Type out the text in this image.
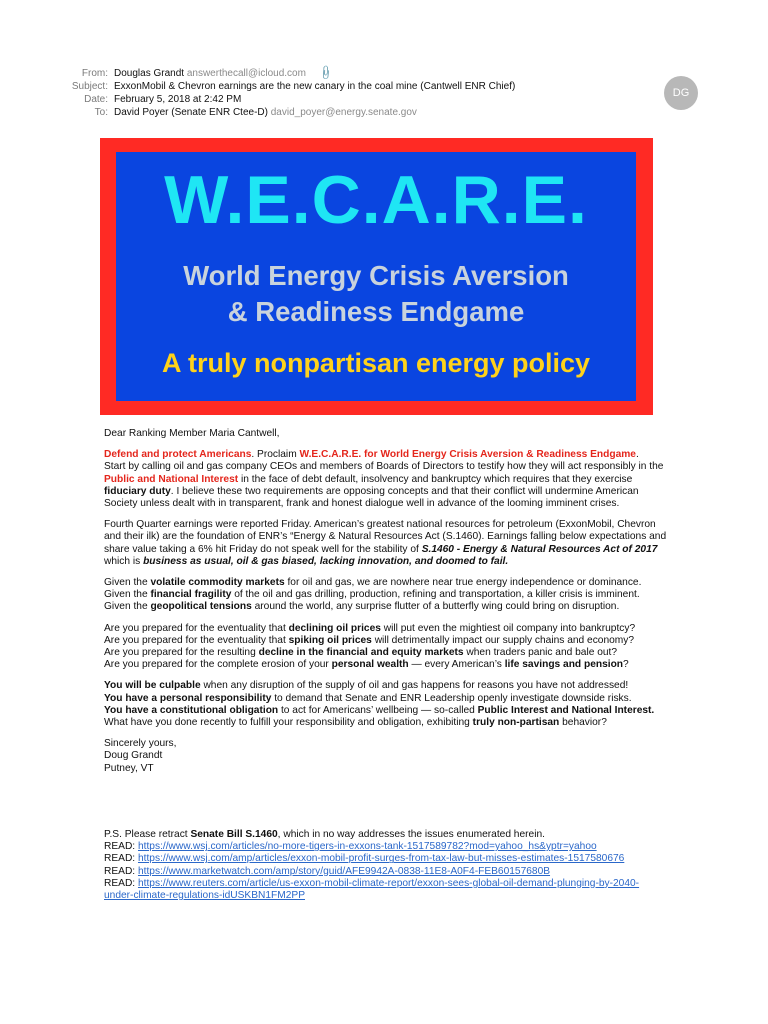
From: Douglas Grandt answerthecall@icloud.com 📎
Subject: ExxonMobil & Chevron earnings are the new canary in the coal mine (Cantwell ENR Chief)
Date: February 5, 2018 at 2:42 PM
To: David Poyer (Senate ENR Ctee-D) david_poyer@energy.senate.gov
DG
W.E.C.A.R.E.
World Energy Crisis Aversion
& Readiness Endgame
A truly nonpartisan energy policy

Dear Ranking Member Maria Cantwell,

Defend and protect Americans. Proclaim W.E.C.A.R.E. for World Energy Crisis Aversion & Readiness Endgame.
Start by calling oil and gas company CEOs and members of Boards of Directors to testify how they will act responsibly in the Public and National Interest in the face of debt default, insolvency and bankruptcy which requires that they exercise fiduciary duty. I believe these two requirements are opposing concepts and that their conflict will undermine American Society unless dealt with in transparent, frank and honest dialogue well in advance of the looming imminent crises.

Fourth Quarter earnings were reported Friday. American’s greatest national resources for petroleum (ExxonMobil, Chevron and their ilk) are the foundation of ENR’s “Energy & Natural Resources Act (S.1460). Earnings falling below expectations and share value taking a 6% hit Friday do not speak well for the stability of S.1460 - Energy & Natural Resources Act of 2017 which is business as usual, oil & gas biased, lacking innovation, and doomed to fail.

Given the volatile commodity markets for oil and gas, we are nowhere near true energy independence or dominance.
Given the financial fragility of the oil and gas drilling, production, refining and transportation, a killer crisis is imminent.
Given the geopolitical tensions around the world, any surprise flutter of a butterfly wing could bring on disruption.

Are you prepared for the eventuality that declining oil prices will put even the mightiest oil company into bankruptcy?
Are you prepared for the eventuality that spiking oil prices will detrimentally impact our supply chains and economy?
Are you prepared for the resulting decline in the financial and equity markets when traders panic and bale out?
Are you prepared for the complete erosion of your personal wealth — every American’s life savings and pension?

You will be culpable when any disruption of the supply of oil and gas happens for reasons you have not addressed!
You have a personal responsibility to demand that Senate and ENR Leadership openly investigate downside risks.
You have a constitutional obligation to act for Americans’ wellbeing — so-called Public Interest and National Interest.
What have you done recently to fulfill your responsibility and obligation, exhibiting truly non-partisan behavior?

Sincerely yours,
Doug Grandt
Putney, VT

P.S. Please retract Senate Bill S.1460, which in no way addresses the issues enumerated herein.
READ: https://www.wsj.com/articles/no-more-tigers-in-exxons-tank-1517589782?mod=yahoo_hs&yptr=yahoo
READ: https://www.wsj.com/amp/articles/exxon-mobil-profit-surges-from-tax-law-but-misses-estimates-1517580676
READ: https://www.marketwatch.com/amp/story/guid/AFE9942A-0838-11E8-A0F4-FEB60157680B
READ: https://www.reuters.com/article/us-exxon-mobil-climate-report/exxon-sees-global-oil-demand-plunging-by-2040-
under-climate-regulations-idUSKBN1FM2PP
